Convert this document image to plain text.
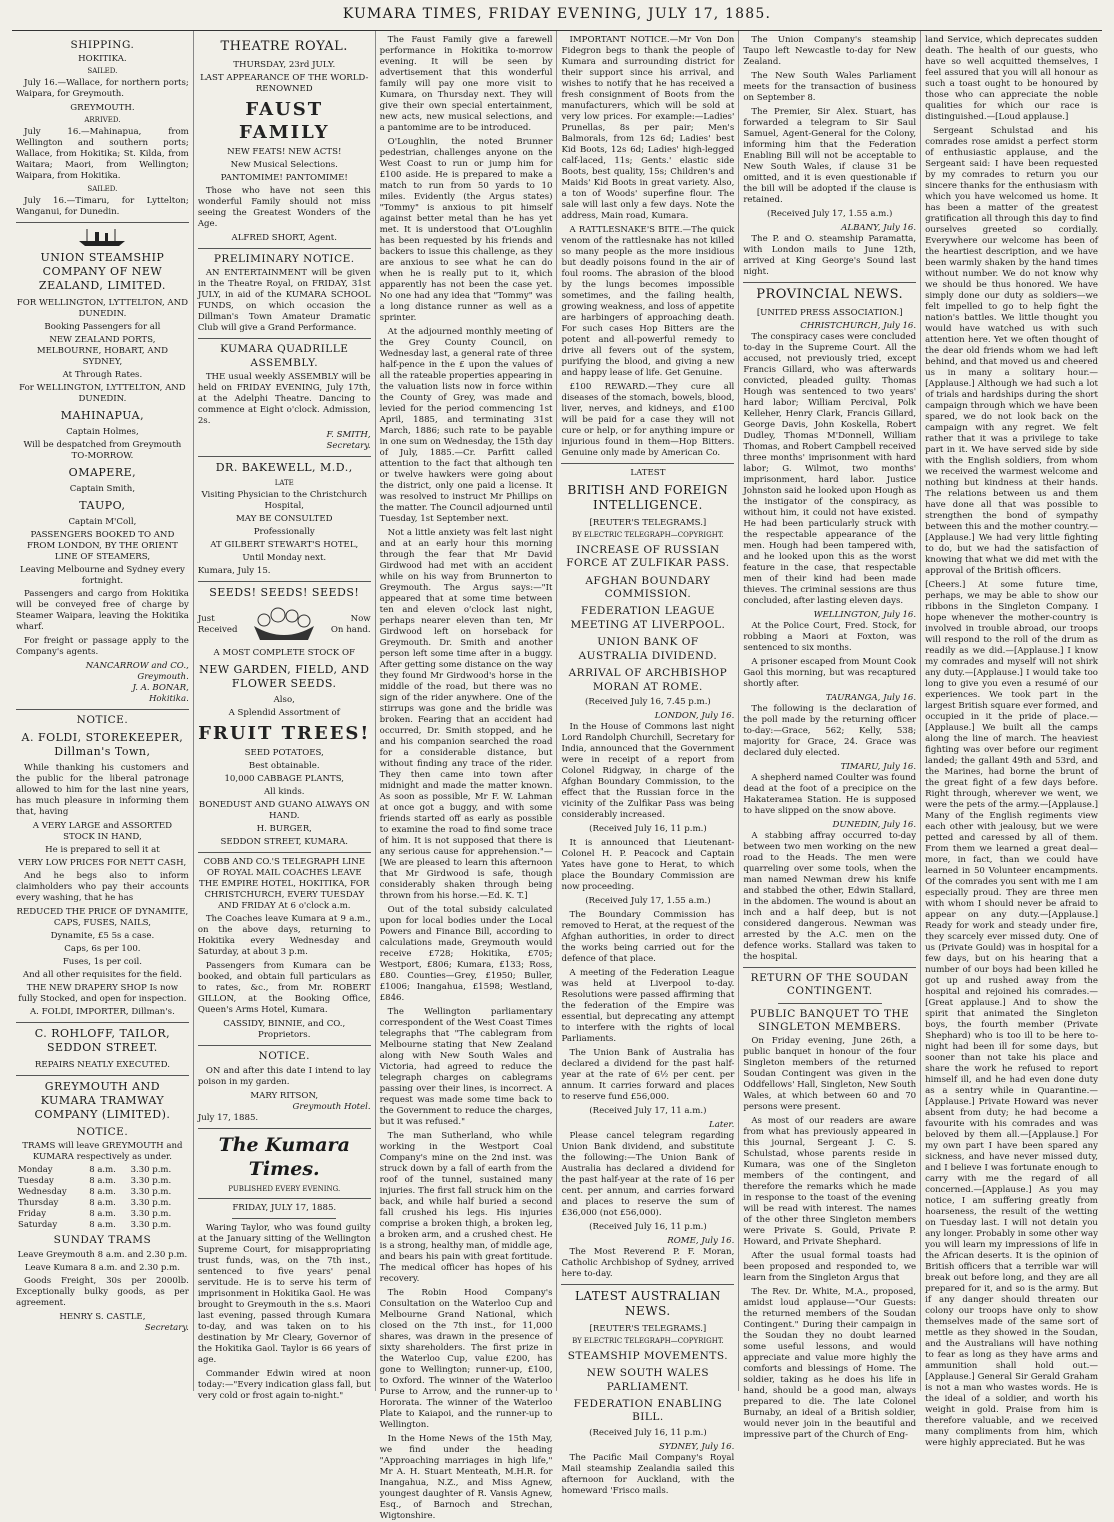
KUMARA TIMES, FRIDAY EVENING, JULY 17, 1885.
SHIPPING.
HOKITIKA.
SAILED.

July 16.—Wallace, for northern ports; Waipara, for Greymouth.

GREYMOUTH.
ARRIVED.

July 16.—Mahinapua, from Wellington and southern ports; Wallace, from Hokitika; St. Kilda, from Waitara; Maori, from Wellington; Waipara, from Hokitika.

SAILED.

July 16.—Timaru, for Lyttelton; Wanganui, for Dunedin.

UNION STEAMSHIP COMPANY OF NEW ZEALAND, LIMITED.
FOR WELLINGTON, LYTTELTON, AND DUNEDIN.
Booking Passengers for all
NEW ZEALAND PORTS, MELBOURNE, HOBART, AND SYDNEY,
At Through Rates.
For WELLINGTON, LYTTELTON, AND DUNEDIN.
MAHINAPUA,
Captain Holmes,
Will be despatched from Greymouth TO-MORROW.
OMAPERE,
Captain Smith,
TAUPO,
Captain M'Coll,
PASSENGERS BOOKED TO AND FROM LONDON, BY THE ORIENT LINE OF STEAMERS,
Leaving Melbourne and Sydney every fortnight.

Passengers and cargo from Hokitika will be conveyed free of charge by Steamer Waipara, leaving the Hokitika wharf.

For freight or passage apply to the Company's agents.

NANCARROW and CO.,
Greymouth.
J. A. BONAR,
Hokitika.
NOTICE.
A. FOLDI, STOREKEEPER, Dillman's Town,

While thanking his customers and the public for the liberal patronage allowed to him for the last nine years, has much pleasure in informing them that, having

A VERY LARGE and ASSORTED STOCK IN HAND,
He is prepared to sell it at
VERY LOW PRICES FOR NETT CASH,

And he begs also to inform claimholders who pay their accounts every washing, that he has

REDUCED THE PRICE OF DYNAMITE, CAPS, FUSES, NAILS,
Dynamite, £5 5s a case.
Caps, 6s per 100.
Fuses, 1s per coil.
And all other requisites for the field.
THE NEW DRAPERY SHOP Is now fully Stocked, and open for inspection.
A. FOLDI, IMPORTER, Dillman's.
C. ROHLOFF, TAILOR, SEDDON STREET.
REPAIRS NEATLY EXECUTED.
GREYMOUTH AND KUMARA TRAMWAY COMPANY (LIMITED).
NOTICE.
TRAMS will leave GREYMOUTH and KUMARA respectively as under.
Monday	8 a.m.	3.30 p.m.
Tuesday	8 a.m.	3.30 p.m.
Wednesday	8 a.m.	3.30 p.m.
Thursday	8 a.m.	3.30 p.m.
Friday	8 a.m.	3.30 p.m.
Saturday	8 a.m.	3.30 p.m.
SUNDAY TRAMS
Leave Greymouth 8 a.m. and 2.30 p.m.
Leave Kumara 8 a.m. and 2.30 p.m.

Goods Freight, 30s per 2000lb. Exceptionally bulky goods, as per agreement.

HENRY S. CASTLE,
Secretary.
THEATRE ROYAL.
THURSDAY, 23rd JULY.
LAST APPEARANCE OF THE WORLD-RENOWNED
FAUST FAMILY
NEW FEATS! NEW ACTS!
New Musical Selections.
PANTOMIME! PANTOMIME!

Those who have not seen this wonderful Family should not miss seeing the Greatest Wonders of the Age.

ALFRED SHORT, Agent.
PRELIMINARY NOTICE.

AN ENTERTAINMENT will be given in the Theatre Royal, on FRIDAY, 31st JULY, in aid of the KUMARA SCHOOL FUNDS, on which occasion the Dillman's Town Amateur Dramatic Club will give a Grand Performance.

KUMARA QUADRILLE ASSEMBLY.

THE usual weekly ASSEMBLY will be held on FRIDAY EVENING, July 17th, at the Adelphi Theatre. Dancing to commence at Eight o'clock. Admission, 2s.

F. SMITH,
Secretary.
DR. BAKEWELL, M.D.,
LATE
Visiting Physician to the Christchurch Hospital,
MAY BE CONSULTED
Professionally
AT GILBERT STEWART'S HOTEL,
Until Monday next.
Kumara, July 15.
SEEDS! SEEDS! SEEDS!
Just
Received
Now
On hand.
A MOST COMPLETE STOCK OF
NEW GARDEN, FIELD, AND FLOWER SEEDS.
Also,
A Splendid Assortment of
FRUIT TREES!
SEED POTATOES,
Best obtainable.
10,000 CABBAGE PLANTS,
All kinds.
BONEDUST AND GUANO ALWAYS ON HAND.
H. BURGER,
SEDDON STREET, KUMARA.
COBB AND CO.'S TELEGRAPH LINE OF ROYAL MAIL COACHES LEAVE THE EMPIRE HOTEL, HOKITIKA, FOR CHRISTCHURCH, EVERY TUESDAY AND FRIDAY At 6 o'clock a.m.

The Coaches leave Kumara at 9 a.m., on the above days, returning to Hokitika every Wednesday and Saturday, at about 3 p.m.

Passengers from Kumara can be booked, and obtain full particulars as to rates, &c., from Mr. ROBERT GILLON, at the Booking Office, Queen's Arms Hotel, Kumara.

CASSIDY, BINNIE, and CO., Proprietors.
NOTICE.

ON and after this date I intend to lay poison in my garden.

MARY RITSON,
Greymouth Hotel.
July 17, 1885.
The Kumara Times.
PUBLISHED EVERY EVENING.
FRIDAY, JULY 17, 1885.

Waring Taylor, who was found guilty at the January sitting of the Wellington Supreme Court, for misappropriating trust funds, was, on the 7th inst., sentenced to five years' penal servitude. He is to serve his term of imprisonment in Hokitika Gaol. He was brought to Greymouth in the s.s. Maori last evening, passed through Kumara to-day, and was taken on to his destination by Mr Cleary, Governor of the Hokitika Gaol. Taylor is 66 years of age.

Commander Edwin wired at noon today:—"Every indication glass fall, but very cold or frost again to-night."

The Faust Family give a farewell performance in Hokitika to-morrow evening. It will be seen by advertisement that this wonderful family will pay one more visit to Kumara, on Thursday next. They will give their own special entertainment, new acts, new musical selections, and a pantomime are to be introduced.

O'Loughlin, the noted Brunner pedestrian, challenges anyone on the West Coast to run or jump him for £100 aside. He is prepared to make a match to run from 50 yards to 10 miles. Evidently (the Argus states) "Tommy" is anxious to pit himself against better metal than he has yet met. It is understood that O'Loughlin has been requested by his friends and backers to issue this challenge, as they are anxious to see what he can do when he is really put to it, which apparently has not been the case yet. No one had any idea that "Tommy" was a long distance runner as well as a sprinter.

At the adjourned monthly meeting of the Grey County Council, on Wednesday last, a general rate of three half-pence in the £ upon the values of all the rateable properties appearing in the valuation lists now in force within the County of Grey, was made and levied for the period commencing 1st April, 1885, and terminating 31st March, 1886; such rate to be payable in one sum on Wednesday, the 15th day of July, 1885.—Cr. Parfitt called attention to the fact that although ten or twelve hawkers were going about the district, only one paid a license. It was resolved to instruct Mr Phillips on the matter. The Council adjourned until Tuesday, 1st September next.

Not a little anxiety was felt last night and at an early hour this morning through the fear that Mr David Girdwood had met with an accident while on his way from Brunnerton to Greymouth. The Argus says:—"It appeared that at some time between ten and eleven o'clock last night, perhaps nearer eleven than ten, Mr Girdwood left on horseback for Greymouth. Dr. Smith and another person left some time after in a buggy. After getting some distance on the way they found Mr Girdwood's horse in the middle of the road, but there was no sign of the rider anywhere. One of the stirrups was gone and the bridle was broken. Fearing that an accident had occurred, Dr. Smith stopped, and he and his companion searched the road for a considerable distance, but without finding any trace of the rider. They then came into town after midnight and made the matter known. As soon as possible, Mr F. W. Lahman at once got a buggy, and with some friends started off as early as possible to examine the road to find some trace of him. It is not supposed that there is any serious cause for apprehension."—[We are pleased to learn this afternoon that Mr Girdwood is safe, though considerably shaken through being thrown from his horse.—Ed. K. T.]

Out of the total subsidy calculated upon for local bodies under the Local Powers and Finance Bill, according to calculations made, Greymouth would receive £728; Hokitika, £705; Westport, £806; Kumara, £133; Ross, £80. Counties—Grey, £1950; Buller, £1006; Inangahua, £1598; Westland, £846.

The Wellington parliamentary correspondent of the West Coast Times telegraphs that "The cablegram from Melbourne stating that New Zealand along with New South Wales and Victoria, had agreed to reduce the telegraph charges on cablegrams passing over their lines, is incorrect. A request was made some time back to the Government to reduce the charges, but it was refused."

The man Sutherland, who while working in the Westport Coal Company's mine on the 2nd inst. was struck down by a fall of earth from the roof of the tunnel, sustained many injuries. The first fall struck him on the back, and while half buried a second fall crushed his legs. His injuries comprise a broken thigh, a broken leg, a broken arm, and a crushed chest. He is a strong, healthy man, of middle age, and bears his pain with great fortitude. The medical officer has hopes of his recovery.

The Robin Hood Company's Consultation on the Waterloo Cup and Melbourne Grand National, which closed on the 7th inst., for 11,000 shares, was drawn in the presence of sixty shareholders. The first prize in the Waterloo Cup, value £200, has gone to Wellington; runner-up, £100, to Oxford. The winner of the Waterloo Purse to Arrow, and the runner-up to Hororata. The winner of the Waterloo Plate to Kaiapoi, and the runner-up to Wellington.

In the Home News of the 15th May, we find under the heading "Approaching marriages in high life," Mr A. H. Stuart Menteath, M.H.R. for Inangahua, N.Z., and Miss Agnew, youngest daughter of R. Vansis Agnew, Esq., of Barnoch and Strechan, Wigtonshire.

IMPORTANT NOTICE.—Mr Von Don Fidegron begs to thank the people of Kumara and surrounding district for their support since his arrival, and wishes to notify that he has received a fresh consignment of Boots from the manufacturers, which will be sold at very low prices. For example:—Ladies' Prunellas, 8s per pair; Men's Balmorals, from 12s 6d; Ladies' best Kid Boots, 12s 6d; Ladies' high-legged calf-laced, 11s; Gents.' elastic side Boots, best quality, 15s; Children's and Maids' Kid Boots in great variety. Also, a ton of Woods' superfine flour. The sale will last only a few days. Note the address, Main road, Kumara.

A RATTLESNAKE'S BITE.—The quick venom of the rattlesnake has not killed so many people as the more insidious but deadly poisons found in the air of foul rooms. The abrasion of the blood by the lungs becomes impossible sometimes, and the failing health, growing weakness, and loss of appetite are harbingers of approaching death. For such cases Hop Bitters are the potent and all-powerful remedy to drive all fevers out of the system, purifying the blood, and giving a new and happy lease of life. Get Genuine.

£100 REWARD.—They cure all diseases of the stomach, bowels, blood, liver, nerves, and kidneys, and £100 will be paid for a case they will not cure or help, or for anything impure or injurious found in them—Hop Bitters. Genuine only made by American Co.

LATEST
BRITISH AND FOREIGN INTELLIGENCE.
[REUTER'S TELEGRAMS.]
BY ELECTRIC TELEGRAPH—COPYRIGHT.
INCREASE OF RUSSIAN FORCE AT ZULFIKAR PASS.
AFGHAN BOUNDARY COMMISSION.
FEDERATION LEAGUE MEETING AT LIVERPOOL.
UNION BANK OF AUSTRALIA DIVIDEND.
ARRIVAL OF ARCHBISHOP MORAN AT ROME.
(Received July 16, 7.45 p.m.)
LONDON, July 16.

In the House of Commons last night Lord Randolph Churchill, Secretary for India, announced that the Government were in receipt of a report from Colonel Ridgway, in charge of the Afghan Boundary Commission, to the effect that the Russian force in the vicinity of the Zulfikar Pass was being considerably increased.

(Received July 16, 11 p.m.)

It is announced that Lieutenant-Colonel H. P. Peacock and Captain Yates have gone to Herat, to which place the Boundary Commission are now proceeding.

(Received July 17, 1.55 a.m.)

The Boundary Commission has removed to Herat, at the request of the Afghan authorities, in order to direct the works being carried out for the defence of that place.

A meeting of the Federation League was held at Liverpool to-day. Resolutions were passed affirming that the federation of the Empire was essential, but deprecating any attempt to interfere with the rights of local Parliaments.

The Union Bank of Australia has declared a dividend for the past half-year at the rate of 6½ per cent. per annum. It carries forward and places to reserve fund £56,000.

(Received July 17, 11 a.m.)
Later.

Please cancel telegram regarding Union Bank dividend, and substitute the following:—The Union Bank of Australia has declared a dividend for the past half-year at the rate of 16 per cent. per annum, and carries forward and places to reserve the sum of £36,000 (not £56,000).

(Received July 16, 11 p.m.)
ROME, July 16.

The Most Reverend P. F. Moran, Catholic Archbishop of Sydney, arrived here to-day.

LATEST AUSTRALIAN NEWS.
[REUTER'S TELEGRAMS.]
BY ELECTRIC TELEGRAPH—COPYRIGHT.
STEAMSHIP MOVEMENTS.
NEW SOUTH WALES PARLIAMENT.
FEDERATION ENABLING BILL.
(Received July 16, 11 p.m.)
SYDNEY, July 16.

The Pacific Mail Company's Royal Mail steamship Zealandia sailed this afternoon for Auckland, with the homeward 'Frisco mails.

The Union Company's steamship Taupo left Newcastle to-day for New Zealand.

The New South Wales Parliament meets for the transaction of business on September 8.

The Premier, Sir Alex. Stuart, has forwarded a telegram to Sir Saul Samuel, Agent-General for the Colony, informing him that the Federation Enabling Bill will not be acceptable to New South Wales, if clause 31 be omitted, and it is even questionable if the bill will be adopted if the clause is retained.

(Received July 17, 1.55 a.m.)
ALBANY, July 16.

The P. and O. steamship Paramatta, with London mails to June 12th, arrived at King George's Sound last night.

PROVINCIAL NEWS.
[UNITED PRESS ASSOCIATION.]
CHRISTCHURCH, July 16.

The conspiracy cases were concluded to-day in the Supreme Court. All the accused, not previously tried, except Francis Gillard, who was afterwards convicted, pleaded guilty. Thomas Hough was sentenced to two years' hard labor; William Percival, Polk Kelleher, Henry Clark, Francis Gillard, George Davis, John Koskella, Robert Dudley, Thomas M'Donnell, William Thomas, and Robert Campbell received three months' imprisonment with hard labor; G. Wilmot, two months' imprisonment, hard labor. Justice Johnston said he looked upon Hough as the instigator of the conspiracy, as without him, it could not have existed. He had been particularly struck with the respectable appearance of the men. Hough had been tampered with, and he looked upon this as the worst feature in the case, that respectable men of their kind had been made thieves. The criminal sessions are thus concluded, after lasting eleven days.

WELLINGTON, July 16.

At the Police Court, Fred. Stock, for robbing a Maori at Foxton, was sentenced to six months.

A prisoner escaped from Mount Cook Gaol this morning, but was recaptured shortly after.

TAURANGA, July 16.

The following is the declaration of the poll made by the returning officer to-day:—Grace, 562; Kelly, 538; majority for Grace, 24. Grace was declared duly elected.

TIMARU, July 16.

A shepherd named Coulter was found dead at the foot of a precipice on the Hakateramea Station. He is supposed to have slipped on the snow above.

DUNEDIN, July 16.

A stabbing affray occurred to-day between two men working on the new road to the Heads. The men were quarreling over some tools, when the man named Newman drew his knife and stabbed the other, Edwin Stallard, in the abdomen. The wound is about an inch and a half deep, but is not considered dangerous. Newman was arrested by the A.C. men on the defence works. Stallard was taken to the hospital.

RETURN OF THE SOUDAN CONTINGENT.
PUBLIC BANQUET TO THE SINGLETON MEMBERS.

On Friday evening, June 26th, a public banquet in honour of the four Singleton members of the returned Soudan Contingent was given in the Oddfellows' Hall, Singleton, New South Wales, at which between 60 and 70 persons were present.

As most of our readers are aware from what has previously appeared in this journal, Sergeant J. C. S. Schulstad, whose parents reside in Kumara, was one of the Singleton members of the contingent, and therefore the remarks which he made in response to the toast of the evening will be read with interest. The names of the other three Singleton members were Private S. Gould, Private P. Howard, and Private Shephard.

After the usual formal toasts had been proposed and responded to, we learn from the Singleton Argus that

The Rev. Dr. White, M.A., proposed, amidst loud applause—"Our Guests: the returned members of the Soudan Contingent." During their campaign in the Soudan they no doubt learned some useful lessons, and would appreciate and value more highly the comforts and blessings of Home. The soldier, taking as he does his life in hand, should be a good man, always prepared to die. The late Colonel Burnaby, an ideal of a British soldier, would never join in the beautiful and impressive part of the Church of Eng-

land Service, which deprecates sudden death. The health of our guests, who have so well acquitted themselves, I feel assured that you will all honour as such a toast ought to be honoured by those who can appreciate the noble qualities for which our race is distinguished.—[Loud applause.]

Sergeant Schulstad and his comrades rose amidst a perfect storm of enthusiastic applause, and the Sergeant said: I have been requested by my comrades to return you our sincere thanks for the enthusiasm with which you have welcomed us home. It has been a matter of the greatest gratification all through this day to find ourselves greeted so cordially. Everywhere our welcome has been of the heartiest description, and we have been warmly shaken by the hand times without number. We do not know why we should be thus honored. We have simply done our duty as soldiers—we felt impelled to go to help fight the nation's battles. We little thought you would have watched us with such attention here. Yet we often thought of the dear old friends whom we had left behind, and that moved us and cheered us in many a solitary hour.—[Applause.] Although we had such a lot of trials and hardships during the short campaign through which we have been spared, we do not look back on the campaign with any regret. We felt rather that it was a privilege to take part in it. We have served side by side with the English soldiers, from whom we received the warmest welcome and nothing but kindness at their hands. The relations between us and them have done all that was possible to strengthen the bond of sympathy between this and the mother country.—[Applause.] We had very little fighting to do, but we had the satisfaction of knowing that what we did met with the approval of the British officers.

[Cheers.] At some future time, perhaps, we may be able to show our ribbons in the Singleton Company. I hope whenever the mother-country is involved in trouble abroad, our troops will respond to the roll of the drum as readily as we did.—[Applause.] I know my comrades and myself will not shirk any duty.—[Applause.] I would take too long to give you even a resumé of our experiences. We took part in the largest British square ever formed, and occupied in it the pride of place.—[Applause.] We built all the camps along the line of march. The heaviest fighting was over before our regiment landed; the gallant 49th and 53rd, and the Marines, had borne the brunt of the great fight of a few days before. Right through, wherever we went, we were the pets of the army.—[Applause.] Many of the English regiments view each other with jealousy, but we were petted and caressed by all of them. From them we learned a great deal—more, in fact, than we could have learned in 50 Volunteer encampments. Of the comrades you sent with me I am especially proud. They are three men with whom I should never be afraid to appear on any duty.—[Applause.] Ready for work and steady under fire, they scarcely ever missed duty. One of us (Private Gould) was in hospital for a few days, but on his hearing that a number of our boys had been killed he got up and rushed away from the hospital and rejoined his comrades.—[Great applause.] And to show the spirit that animated the Singleton boys, the fourth member (Private Shephard) who is too ill to be here to-night had been ill for some days, but sooner than not take his place and share the work he refused to report himself ill, and he had even done duty as a sentry while in Quarantine.—[Applause.] Private Howard was never absent from duty; he had become a favourite with his comrades and was beloved by them all.—[Applause.] For my own part I have been spared any sickness, and have never missed duty, and I believe I was fortunate enough to carry with me the regard of all concerned.—[Applause.] As you may notice, I am suffering greatly from hoarseness, the result of the wetting on Tuesday last. I will not detain you any longer. Probably in some other way you will learn my impressions of life in the African deserts. It is the opinion of British officers that a terrible war will break out before long, and they are all prepared for it, and so is the army. But if any danger should threaten our colony our troops have only to show themselves made of the same sort of mettle as they showed in the Soudan, and the Australians will have nothing to fear as long as they have arms and ammunition shall hold out.—[Applause.] General Sir Gerald Graham is not a man who wastes words. He is the ideal of a soldier, and worth his weight in gold. Praise from him is therefore valuable, and we received many compliments from him, which were highly appreciated. But he was
